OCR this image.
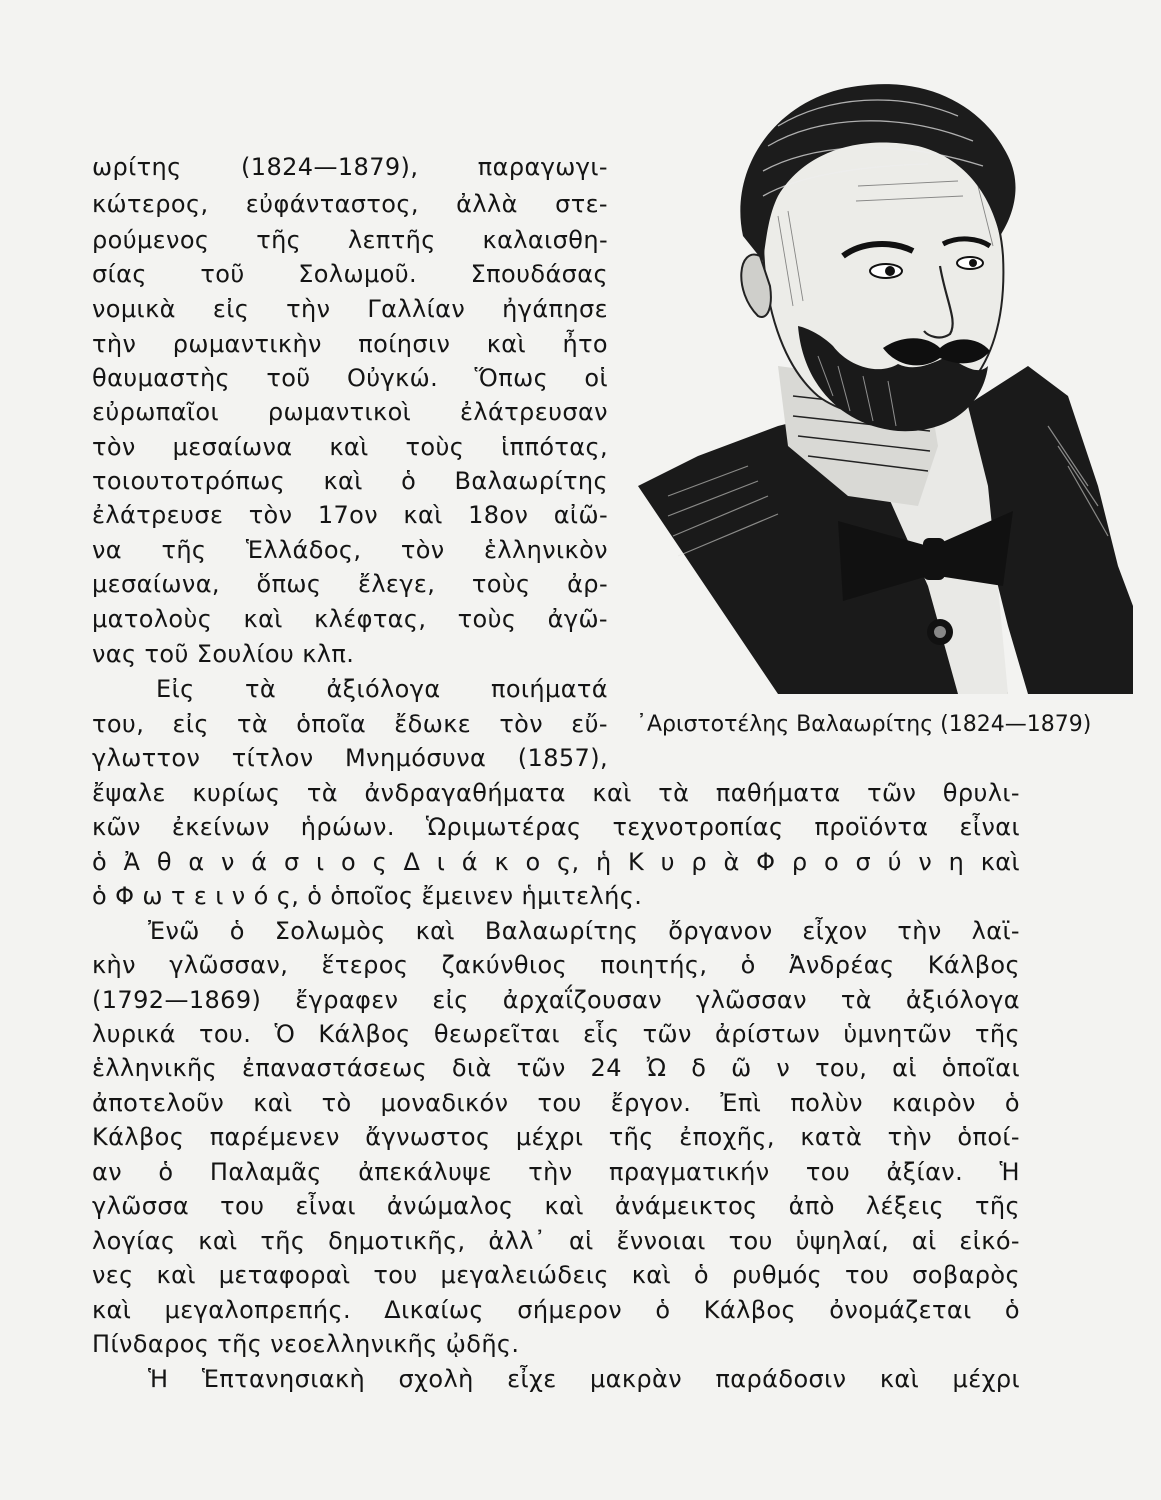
᾿Αριστοτέλης Βαλαωρίτης (1824—1879)
ωρίτης (1824—1879), παραγωγι-
κώτερος, εὐφάνταστος, ἀλλὰ στε-
ρούμενος τῆς λεπτῆς καλαισθη-
σίας τοῦ Σολωμοῦ. Σπουδάσας
νομικὰ εἰς τὴν Γαλλίαν ἠγάπησε
τὴν ρωμαντικὴν ποίησιν καὶ ἦτο
θαυμαστὴς τοῦ Οὐγκώ. Ὅπως οἱ
εὐρωπαῖοι ρωμαντικοὶ ἐλάτρευσαν
τὸν μεσαίωνα καὶ τοὺς ἱππότας,
τοιουτοτρόπως καὶ ὁ Βαλαωρίτης
ἐλάτρευσε τὸν 17ον καὶ 18ον αἰῶ-
να τῆς Ἑλλάδος, τὸν ἑλληνικὸν
μεσαίωνα, ὅπως ἔλεγε, τοὺς ἀρ-
ματολοὺς καὶ κλέφτας, τοὺς ἀγῶ-
νας τοῦ Σουλίου κλπ.
Εἰς τὰ ἀξιόλογα ποιήματά
του, εἰς τὰ ὁποῖα ἔδωκε τὸν εὔ-
γλωττον τίτλον Μνημόσυνα (1857),
ἔψαλε κυρίως τὰ ἀνδραγαθήματα καὶ τὰ παθήματα τῶν θρυλι-
κῶν ἐκείνων ἡρώων. Ὡριμωτέρας τεχνοτροπίας προϊόντα εἶναι
ὁ Ἀ θ α ν ά σ ι ο ς Δ ι ά κ ο ς, ἡ Κ υ ρ ὰ Φ ρ ο σ ύ ν η καὶ
ὁ Φ ω τ ε ι ν ό ς, ὁ ὁποῖος ἔμεινεν ἡμιτελής.
Ἐνῶ ὁ Σολωμὸς καὶ Βαλαωρίτης ὄργανον εἶχον τὴν λαϊ-
κὴν γλῶσσαν, ἕτερος ζακύνθιος ποιητής, ὁ Ἀνδρέας Κάλβος
(1792—1869) ἔγραφεν εἰς ἀρχαΐζουσαν γλῶσσαν τὰ ἀξιόλογα
λυρικά του. Ὁ Κάλβος θεωρεῖται εἷς τῶν ἀρίστων ὑμνητῶν τῆς
ἑλληνικῆς ἐπαναστάσεως διὰ τῶν 24 Ὠ δ ῶ ν του, αἱ ὁποῖαι
ἀποτελοῦν καὶ τὸ μοναδικόν του ἔργον. Ἐπὶ πολὺν καιρὸν ὁ
Κάλβος παρέμενεν ἄγνωστος μέχρι τῆς ἐποχῆς, κατὰ τὴν ὁποί-
αν ὁ Παλαμᾶς ἀπεκάλυψε τὴν πραγματικήν του ἀξίαν. Ἡ
γλῶσσα του εἶναι ἀνώμαλος καὶ ἀνάμεικτος ἀπὸ λέξεις τῆς
λογίας καὶ τῆς δημοτικῆς, ἀλλ᾿ αἱ ἔννοιαι του ὑψηλαί, αἱ εἰκό-
νες καὶ μεταφοραὶ του μεγαλειώδεις καὶ ὁ ρυθμός του σοβαρὸς
καὶ μεγαλοπρεπής. Δικαίως σήμερον ὁ Κάλβος ὀνομάζεται ὁ
Πίνδαρος τῆς νεοελληνικῆς ᾠδῆς.
Ἡ Ἑπτανησιακὴ σχολὴ εἶχε μακρὰν παράδοσιν καὶ μέχρι
